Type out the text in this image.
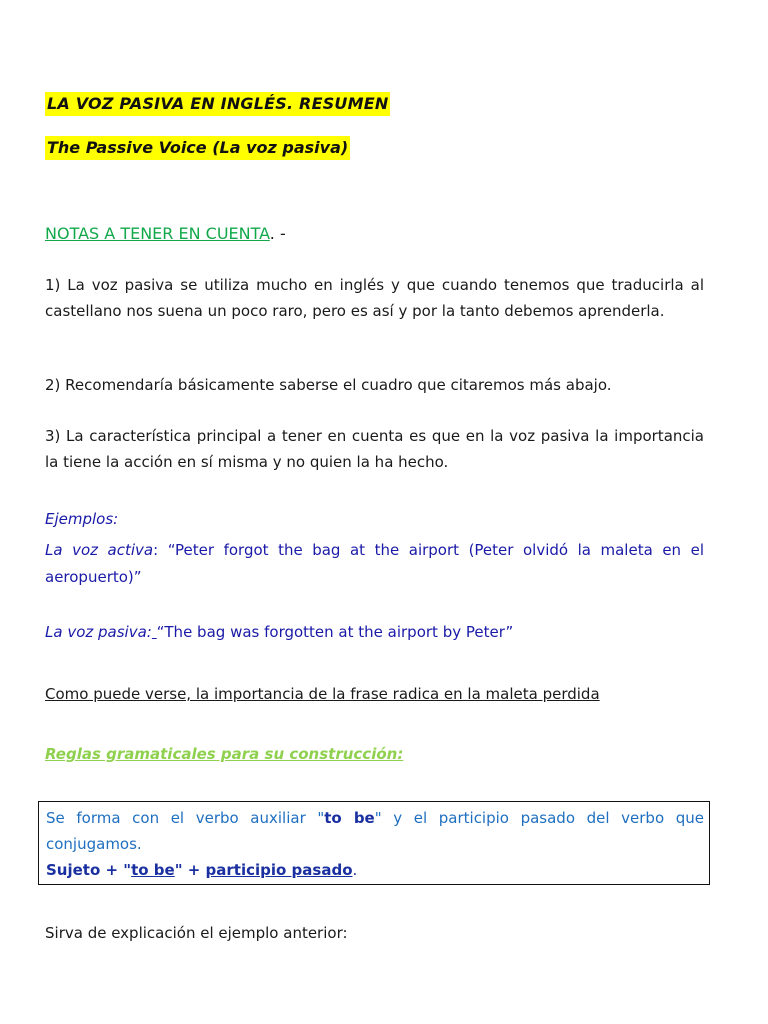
LA VOZ PASIVA EN INGLÉS. RESUMEN
The Passive Voice (La voz pasiva)
NOTAS A TENER EN CUENTA. -
1) La voz pasiva se utiliza mucho en inglés y que cuando tenemos que traducirla al castellano nos suena un poco raro, pero es así y por la tanto debemos aprenderla.
2) Recomendaría básicamente saberse el cuadro que citaremos más abajo.
3) La característica principal a tener en cuenta es que en la voz pasiva la importancia la tiene la acción en sí misma y no quien la ha hecho.
Ejemplos:
La voz activa: “Peter forgot the bag at the airport (Peter olvidó la maleta en el aeropuerto)”
La voz pasiva: “The bag was forgotten at the airport by Peter”
Como puede verse, la importancia de la frase radica en la maleta perdida
Reglas gramaticales para su construcción:
Se forma con el verbo auxiliar "to be" y el participio pasado del verbo que conjugamos.
Sujeto + "to be" + participio pasado.
Sirva de explicación el ejemplo anterior:
